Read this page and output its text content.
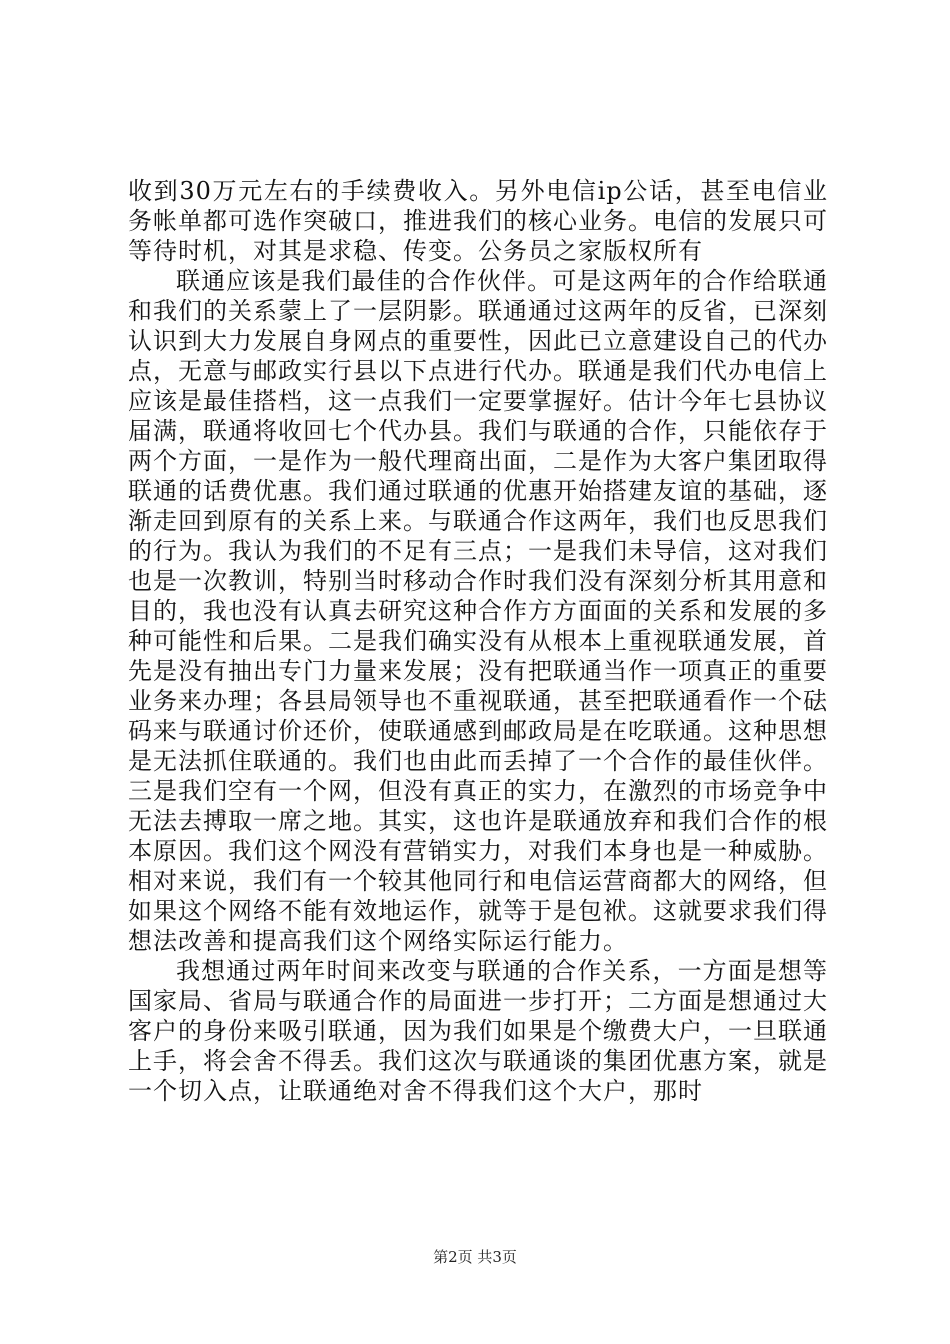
收到30万元左右的手续费收入。另外电信ip公话，甚至电信业务帐单都可选作突破口，推进我们的核心业务。电信的发展只可等待时机，对其是求稳、传变。公务员之家版权所有

联通应该是我们最佳的合作伙伴。可是这两年的合作给联通和我们的关系蒙上了一层阴影。联通通过这两年的反省，已深刻认识到大力发展自身网点的重要性，因此已立意建设自己的代办点，无意与邮政实行县以下点进行代办。联通是我们代办电信上应该是最佳搭档，这一点我们一定要掌握好。估计今年七县协议届满，联通将收回七个代办县。我们与联通的合作，只能依存于两个方面，一是作为一般代理商出面，二是作为大客户集团取得联通的话费优惠。我们通过联通的优惠开始搭建友谊的基础，逐渐走回到原有的关系上来。与联通合作这两年，我们也反思我们的行为。我认为我们的不足有三点；一是我们未导信，这对我们也是一次教训，特别当时移动合作时我们没有深刻分析其用意和目的，我也没有认真去研究这种合作方方面面的关系和发展的多种可能性和后果。二是我们确实没有从根本上重视联通发展，首先是没有抽出专门力量来发展；没有把联通当作一项真正的重要业务来办理；各县局领导也不重视联通，甚至把联通看作一个砝码来与联通讨价还价，使联通感到邮政局是在吃联通。这种思想是无法抓住联通的。我们也由此而丢掉了一个合作的最佳伙伴。三是我们空有一个网，但没有真正的实力，在激烈的市场竞争中无法去搏取一席之地。其实，这也许是联通放弃和我们合作的根本原因。我们这个网没有营销实力，对我们本身也是一种威胁。相对来说，我们有一个较其他同行和电信运营商都大的网络，但如果这个网络不能有效地运作，就等于是包袱。这就要求我们得想法改善和提高我们这个网络实际运行能力。

我想通过两年时间来改变与联通的合作关系，一方面是想等国家局、省局与联通合作的局面进一步打开；二方面是想通过大客户的身份来吸引联通，因为我们如果是个缴费大户，一旦联通上手，将会舍不得丢。我们这次与联通谈的集团优惠方案，就是一个切入点，让联通绝对舍不得我们这个大户，那时

第2页 共3页
